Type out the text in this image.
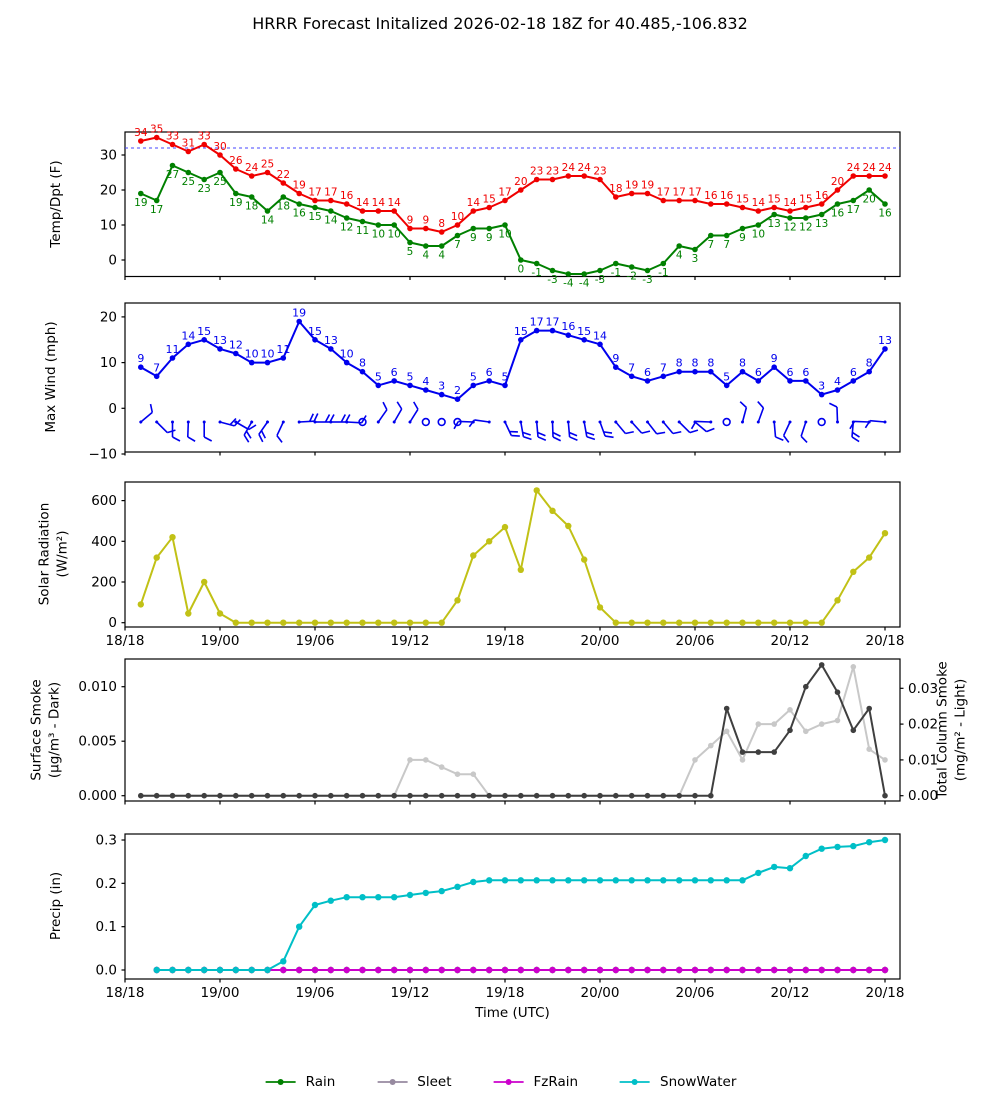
HRRR Forecast Initalized 2026-02-18 18Z for 40.485,-106.832
0
10
20
30
34 35
33
31
33
30
26
24 25
22
19
17 17 16
14 14 14
9 9 8
10
14 15
17
20
23 23 24 24 23
18 19 19
17 17 17 16 16 15 14 15 14 15 16
20
24 24 24
19
17
27
25
23
25
19 18
14
18
16 15 14
12 11 10 10
5 4 4
7
9 9 10
0 -1
-3 -4 -4 -3
-1 -2 -3
-1
4 3
7 7
9 10
13 12 12 13
16 17
20
16
−10
0
10
20
9
7
11
14 15
13 12
10 10 11
19
15
13
10
8
5 6 5 4 3 2
5 6 5
15
17 17 16 15 14
9
7 6 7 8 8 8
5
8
6
9
6 6
3 4
6
8
13
0
200
400
600
18/18	19/00	19/06	19/12	19/18	20/00	20/06	20/12	20/18
0.000
0.005
0.010
0.00
0.01
0.02
0.03
0.0
0.1
0.2
0.3
18/18	19/00	19/06	19/12	19/18	20/00	20/06	20/12	20/18
Temp/Dpt (F)
Max Wind (mph)
Solar Radiation (W/m²)
Surface Smoke (μg/m³ - Dark)	Total Column Smoke (mg/m² - Light)
Precip (in)
Time (UTC)
Rain	Sleet	FzRain	SnowWater
